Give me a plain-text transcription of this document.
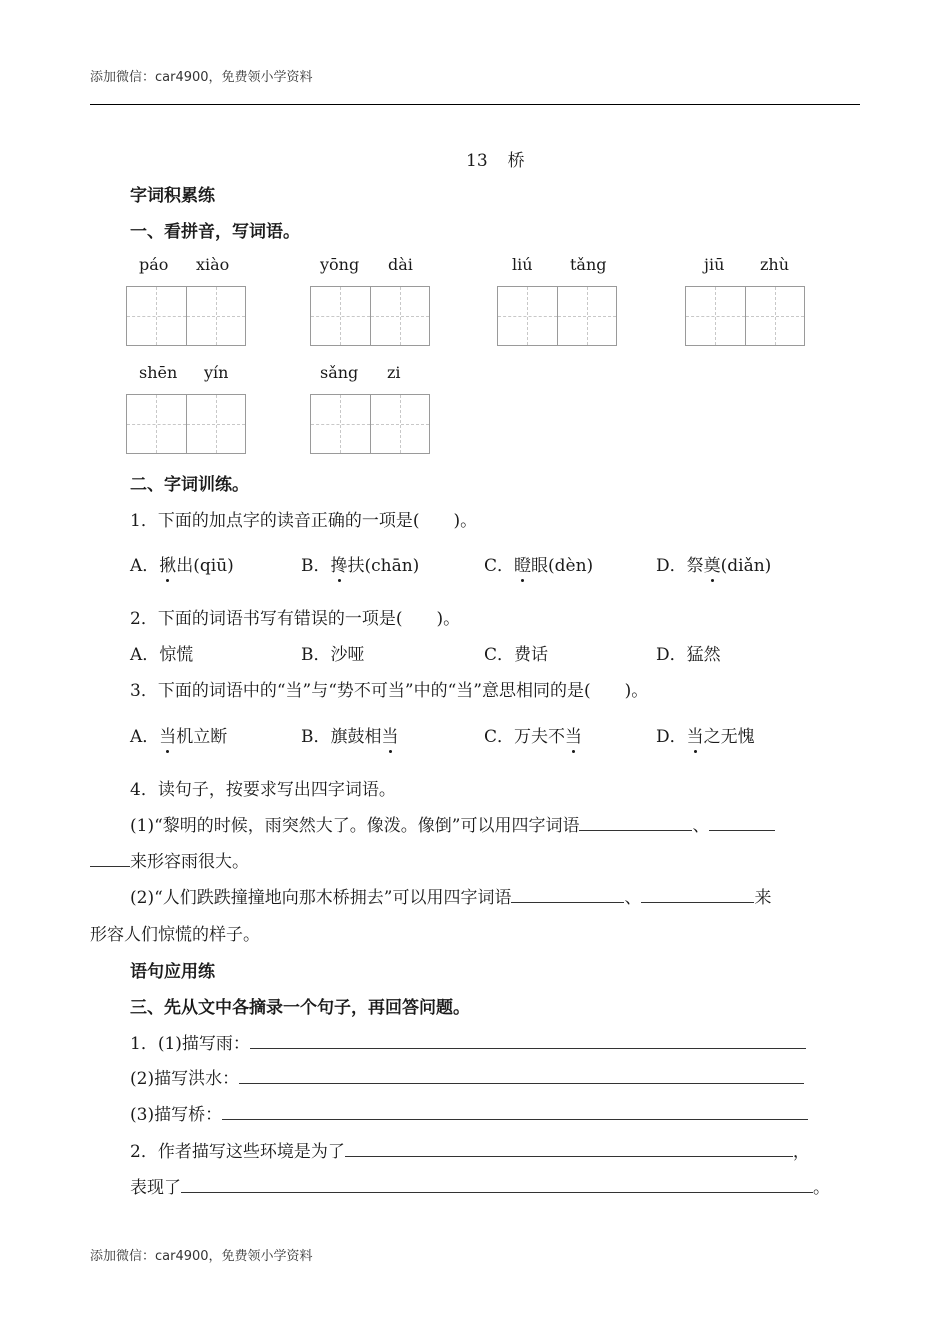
添加微信：car4900，免费领小学资料
13 桥
字词积累练
一、看拼音，写词语。
páo xiào	yōng dài	liú tǎng	jiū zhù
shēn yín	sǎng zi
二、字词训练。
1．下面的加点字的读音正确的一项是(　　)。
A．揪出(qiū)	B．搀扶(chān)	C．瞪眼(dèn)	D．祭奠(diǎn)
2．下面的词语书写有错误的一项是(　　)。
A．惊慌	B．沙哑	C．费话	D．猛然
3．下面的词语中的“当”与“势不可当”中的“当”意思相同的是(　　)。
A．当机立断	B．旗鼓相当	C．万夫不当	D．当之无愧
4．读句子，按要求写出四字词语。
(1)“黎明的时候，雨突然大了。像泼。像倒”可以用四字词语	、
来形容雨很大。
(2)“人们跌跌撞撞地向那木桥拥去”可以用四字词语	、	来
形容人们惊慌的样子。
语句应用练
三、先从文中各摘录一个句子，再回答问题。
1．(1)描写雨：
(2)描写洪水：
(3)描写桥：
2．作者描写这些环境是为了	，
表现了	。
添加微信：car4900，免费领小学资料
